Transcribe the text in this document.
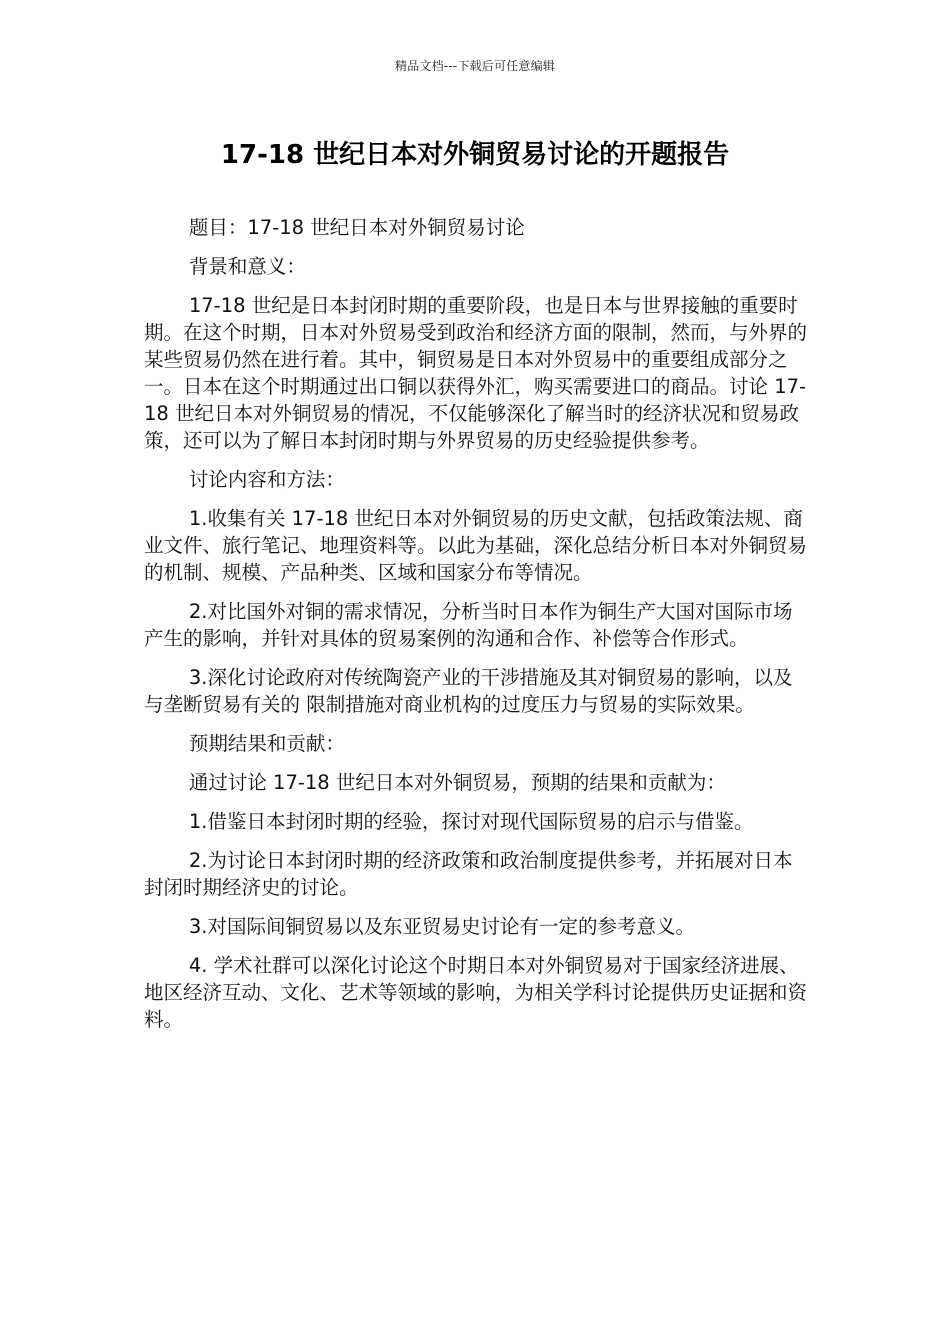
精品文档---下载后可任意编辑
17-18 世纪日本对外铜贸易讨论的开题报告

题目：17-18 世纪日本对外铜贸易讨论

背景和意义：

17-18 世纪是日本封闭时期的重要阶段，也是日本与世界接触的重要时期。在这个时期，日本对外贸易受到政治和经济方面的限制，然而，与外界的某些贸易仍然在进行着。其中，铜贸易是日本对外贸易中的重要组成部分之一。日本在这个时期通过出口铜以获得外汇，购买需要进口的商品。讨论 17-18 世纪日本对外铜贸易的情况，不仅能够深化了解当时的经济状况和贸易政策，还可以为了解日本封闭时期与外界贸易的历史经验提供参考。

讨论内容和方法：

1.收集有关 17-18 世纪日本对外铜贸易的历史文献，包括政策法规、商业文件、旅行笔记、地理资料等。以此为基础，深化总结分析日本对外铜贸易的机制、规模、产品种类、区域和国家分布等情况。

2.对比国外对铜的需求情况，分析当时日本作为铜生产大国对国际市场产生的影响，并针对具体的贸易案例的沟通和合作、补偿等合作形式。

3.深化讨论政府对传统陶瓷产业的干涉措施及其对铜贸易的影响，以及与垄断贸易有关的 限制措施对商业机构的过度压力与贸易的实际效果。

预期结果和贡献：

通过讨论 17-18 世纪日本对外铜贸易，预期的结果和贡献为：

1.借鉴日本封闭时期的经验，探讨对现代国际贸易的启示与借鉴。

2.为讨论日本封闭时期的经济政策和政治制度提供参考，并拓展对日本封闭时期经济史的讨论。

3.对国际间铜贸易以及东亚贸易史讨论有一定的参考意义。

4. 学术社群可以深化讨论这个时期日本对外铜贸易对于国家经济进展、地区经济互动、文化、艺术等领域的影响，为相关学科讨论提供历史证据和资料。
